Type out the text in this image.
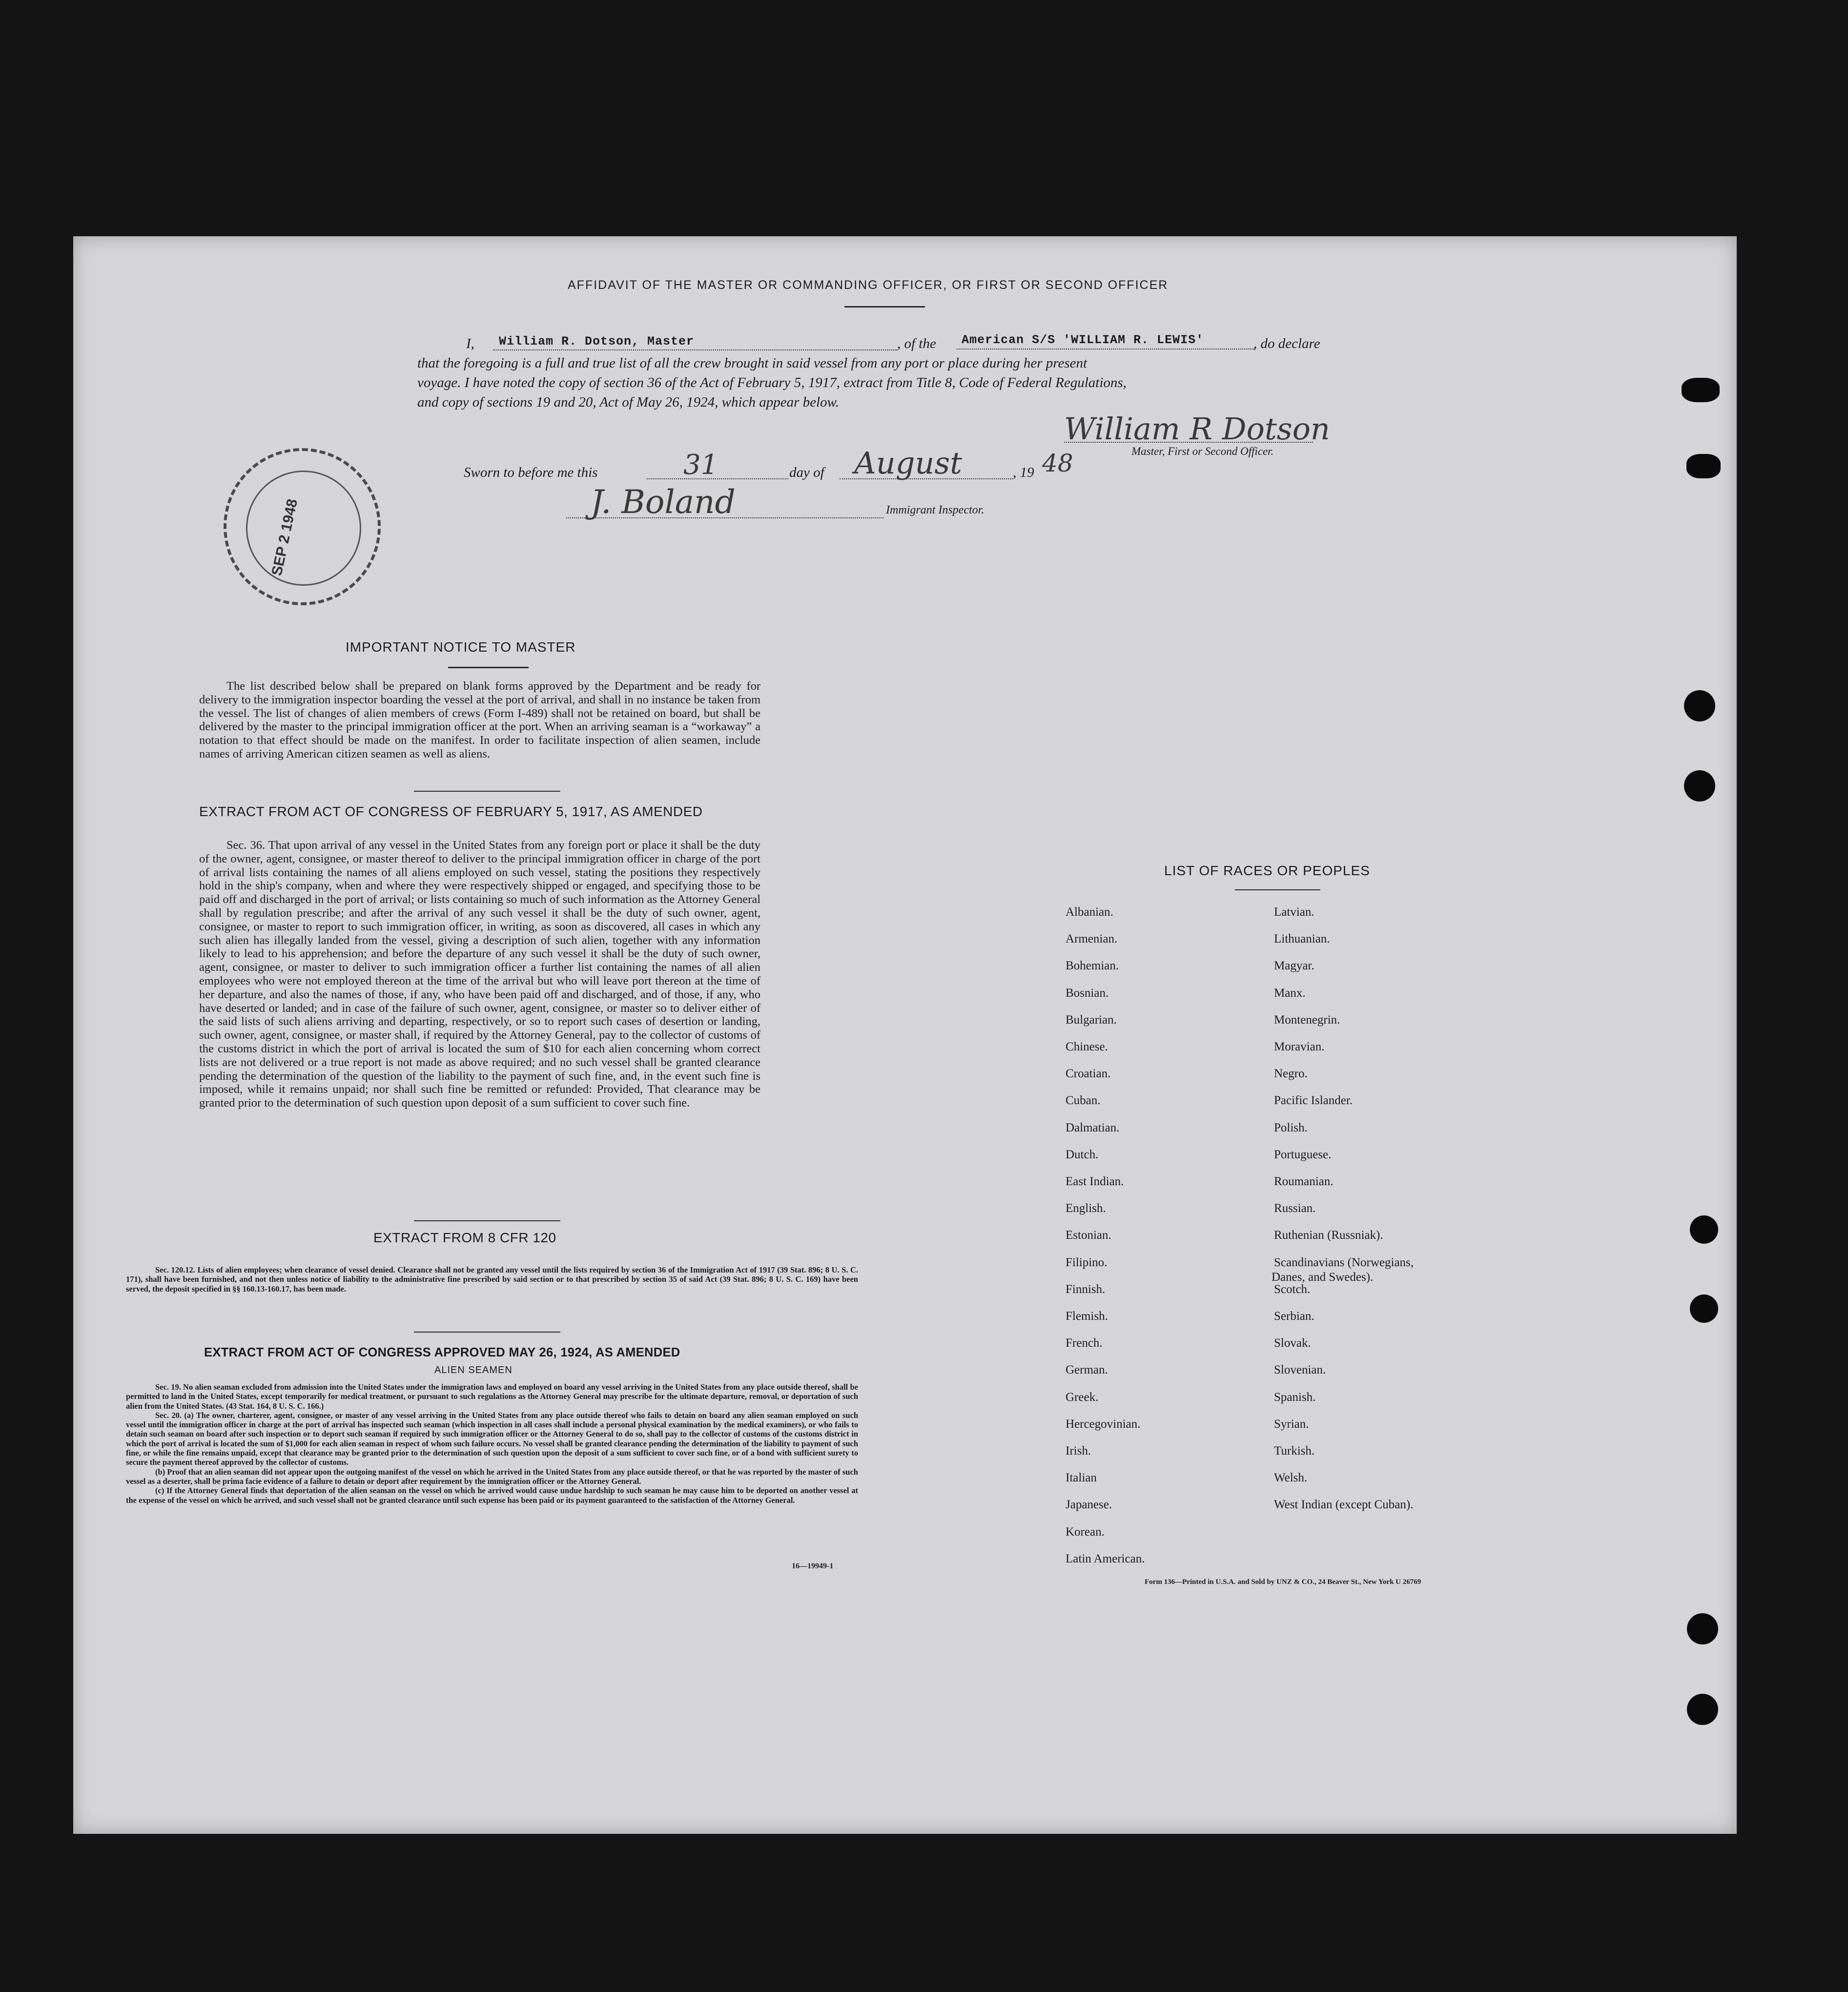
AFFIDAVIT OF THE MASTER OR COMMANDING OFFICER, OR FIRST OR SECOND OFFICER
I, William R. Dotson, Master	, of the American S/S 'WILLIAM R. LEWIS'	, do declare
that the foregoing is a full and true list of all the crew brought in said vessel from any port or place during her present
voyage. I have noted the copy of section 36 of the Act of February 5, 1917, extract from Title 8, Code of Federal Regulations,
and copy of sections 19 and 20, Act of May 26, 1924, which appear below.
William R Dotson
Master, First or Second Officer.
Sworn to before me this	31	day of August	, 19 48
J. Boland	Immigrant Inspector.
SEP 2 1948
IMPORTANT NOTICE TO MASTER

The list described below shall be prepared on blank forms approved by the Department and be ready for delivery to the immigration inspector boarding the vessel at the port of arrival, and shall in no instance be taken from the vessel. The list of changes of alien members of crews (Form I-489) shall not be retained on board, but shall be delivered by the master to the principal immigration officer at the port. When an arriving seaman is a “workaway” a notation to that effect should be made on the manifest. In order to facilitate inspection of alien seamen, include names of arriving American citizen seamen as well as aliens.

EXTRACT FROM ACT OF CONGRESS OF FEBRUARY 5, 1917, AS AMENDED

Sec. 36. That upon arrival of any vessel in the United States from any foreign port or place it shall be the duty of the owner, agent, consignee, or master thereof to deliver to the principal immigration officer in charge of the port of arrival lists containing the names of all aliens employed on such vessel, stating the positions they respectively hold in the ship's company, when and where they were respectively shipped or engaged, and specifying those to be paid off and discharged in the port of arrival; or lists containing so much of such information as the Attorney General shall by regulation prescribe; and after the arrival of any such vessel it shall be the duty of such owner, agent, consignee, or master to report to such immigration officer, in writing, as soon as discovered, all cases in which any such alien has illegally landed from the vessel, giving a description of such alien, together with any information likely to lead to his apprehension; and before the departure of any such vessel it shall be the duty of such owner, agent, consignee, or master to deliver to such immigration officer a further list containing the names of all alien employees who were not employed thereon at the time of the arrival but who will leave port thereon at the time of her departure, and also the names of those, if any, who have been paid off and discharged, and of those, if any, who have deserted or landed; and in case of the failure of such owner, agent, consignee, or master so to deliver either of the said lists of such aliens arriving and departing, respectively, or so to report such cases of desertion or landing, such owner, agent, consignee, or master shall, if required by the Attorney General, pay to the collector of customs of the customs district in which the port of arrival is located the sum of $10 for each alien concerning whom correct lists are not delivered or a true report is not made as above required; and no such vessel shall be granted clearance pending the determination of the question of the liability to the payment of such fine, and, in the event such fine is imposed, while it remains unpaid; nor shall such fine be remitted or refunded: Provided, That clearance may be granted prior to the determination of such question upon deposit of a sum sufficient to cover such fine.

EXTRACT FROM 8 CFR 120

Sec. 120.12. Lists of alien employees; when clearance of vessel denied. Clearance shall not be granted any vessel until the lists required by section 36 of the Immigration Act of 1917 (39 Stat. 896; 8 U. S. C. 171), shall have been furnished, and not then unless notice of liability to the administrative fine prescribed by said section or to that prescribed by section 35 of said Act (39 Stat. 896; 8 U. S. C. 169) have been served, the deposit specified in §§ 160.13-160.17, has been made.

EXTRACT FROM ACT OF CONGRESS APPROVED MAY 26, 1924, AS AMENDED
ALIEN SEAMEN

Sec. 19. No alien seaman excluded from admission into the United States under the immigration laws and employed on board any vessel arriving in the United States from any place outside thereof, shall be permitted to land in the United States, except temporarily for medical treatment, or pursuant to such regulations as the Attorney General may prescribe for the ultimate departure, removal, or deportation of such alien from the United States. (43 Stat. 164, 8 U. S. C. 166.)

Sec. 20. (a) The owner, charterer, agent, consignee, or master of any vessel arriving in the United States from any place outside thereof who fails to detain on board any alien seaman employed on such vessel until the immigration officer in charge at the port of arrival has inspected such seaman (which inspection in all cases shall include a personal physical examination by the medical examiners), or who fails to detain such seaman on board after such inspection or to deport such seaman if required by such immigration officer or the Attorney General to do so, shall pay to the collector of customs of the customs district in which the port of arrival is located the sum of $1,000 for each alien seaman in respect of whom such failure occurs. No vessel shall be granted clearance pending the determination of the liability to payment of such fine, or while the fine remains unpaid, except that clearance may be granted prior to the determination of such question upon the deposit of a sum sufficient to cover such fine, or of a bond with sufficient surety to secure the payment thereof approved by the collector of customs.

(b) Proof that an alien seaman did not appear upon the outgoing manifest of the vessel on which he arrived in the United States from any place outside thereof, or that he was reported by the master of such vessel as a deserter, shall be prima facie evidence of a failure to detain or deport after requirement by the immigration officer or the Attorney General.

(c) If the Attorney General finds that deportation of the alien seaman on the vessel on which he arrived would cause undue hardship to such seaman he may cause him to be deported on another vessel at the expense of the vessel on which he arrived, and such vessel shall not be granted clearance until such expense has been paid or its payment guaranteed to the satisfaction of the Attorney General.

16—19949-1
LIST OF RACES OR PEOPLES
Albanian.
Armenian.
Bohemian.
Bosnian.
Bulgarian.
Chinese.
Croatian.
Cuban.
Dalmatian.
Dutch.
East Indian.
English.
Estonian.
Filipino.
Finnish.
Flemish.
French.
German.
Greek.
Hercegovinian.
Irish.
Italian
Japanese.
Korean.
Latin American.
Latvian.
Lithuanian.
Magyar.
Manx.
Montenegrin.
Moravian.
Negro.
Pacific Islander.
Polish.
Portuguese.
Roumanian.
Russian.
Ruthenian (Russniak).
Scandinavians (Norwegians,
Danes, and Swedes).
Scotch.
Serbian.
Slovak.
Slovenian.
Spanish.
Syrian.
Turkish.
Welsh.
West Indian (except Cuban).
Form 136—Printed in U.S.A. and Sold by UNZ & CO., 24 Beaver St., New York U 26769
